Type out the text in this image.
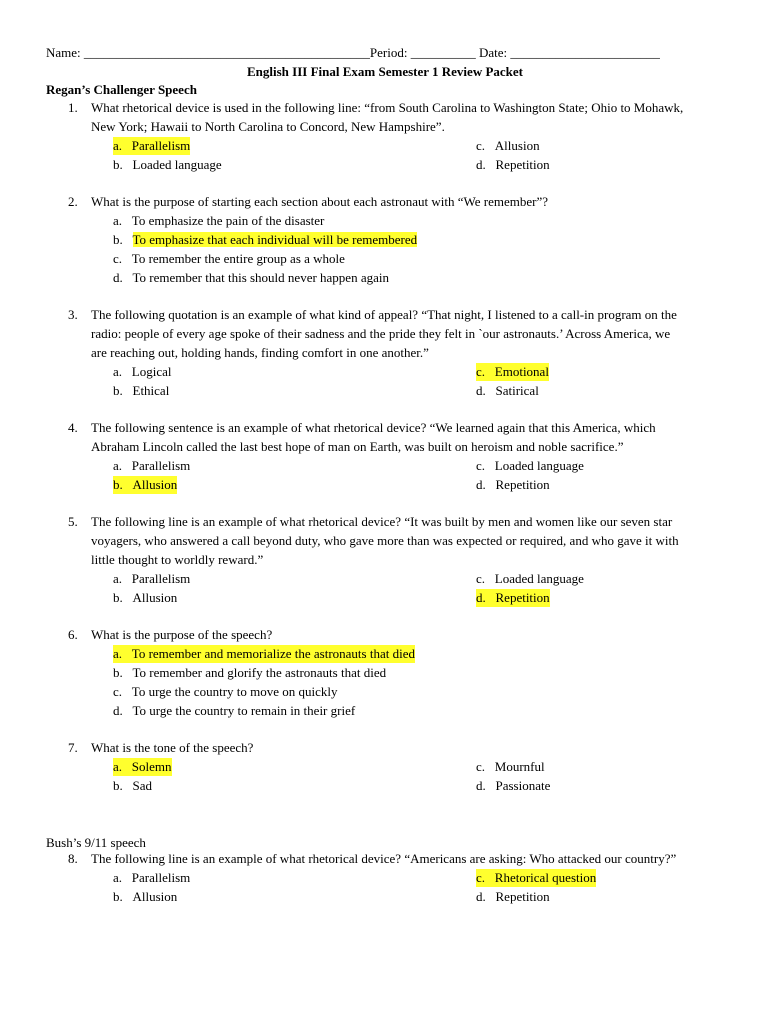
Name: ____________________________________________Period: __________ Date: _______________________
English III Final Exam Semester 1 Review Packet
Regan’s Challenger Speech
1. What rhetorical device is used in the following line: “from South Carolina to Washington State; Ohio to Mohawk,
New York; Hawaii to North Carolina to Concord, New Hampshire”.
a. Parallelism	c. Allusion
b. Loaded language	d. Repetition
2. What is the purpose of starting each section about each astronaut with “We remember”?
a. To emphasize the pain of the disaster
b. To emphasize that each individual will be remembered
c. To remember the entire group as a whole
d. To remember that this should never happen again
3. The following quotation is an example of what kind of appeal? “That night, I listened to a call-in program on the
radio: people of every age spoke of their sadness and the pride they felt in `our astronauts.’ Across America, we
are reaching out, holding hands, finding comfort in one another.”
a. Logical	c. Emotional
b. Ethical	d. Satirical
4. The following sentence is an example of what rhetorical device? “We learned again that this America, which
Abraham Lincoln called the last best hope of man on Earth, was built on heroism and noble sacrifice.”
a. Parallelism	c. Loaded language
b. Allusion	d. Repetition
5. The following line is an example of what rhetorical device? “It was built by men and women like our seven star
voyagers, who answered a call beyond duty, who gave more than was expected or required, and who gave it with
little thought to worldly reward.”
a. Parallelism	c. Loaded language
b. Allusion	d. Repetition
6. What is the purpose of the speech?
a. To remember and memorialize the astronauts that died
b. To remember and glorify the astronauts that died
c. To urge the country to move on quickly
d. To urge the country to remain in their grief
7. What is the tone of the speech?
a. Solemn	c. Mournful
b. Sad	d. Passionate
Bush’s 9/11 speech
8. The following line is an example of what rhetorical device? “Americans are asking: Who attacked our country?”
a. Parallelism	c. Rhetorical question
b. Allusion	d. Repetition
